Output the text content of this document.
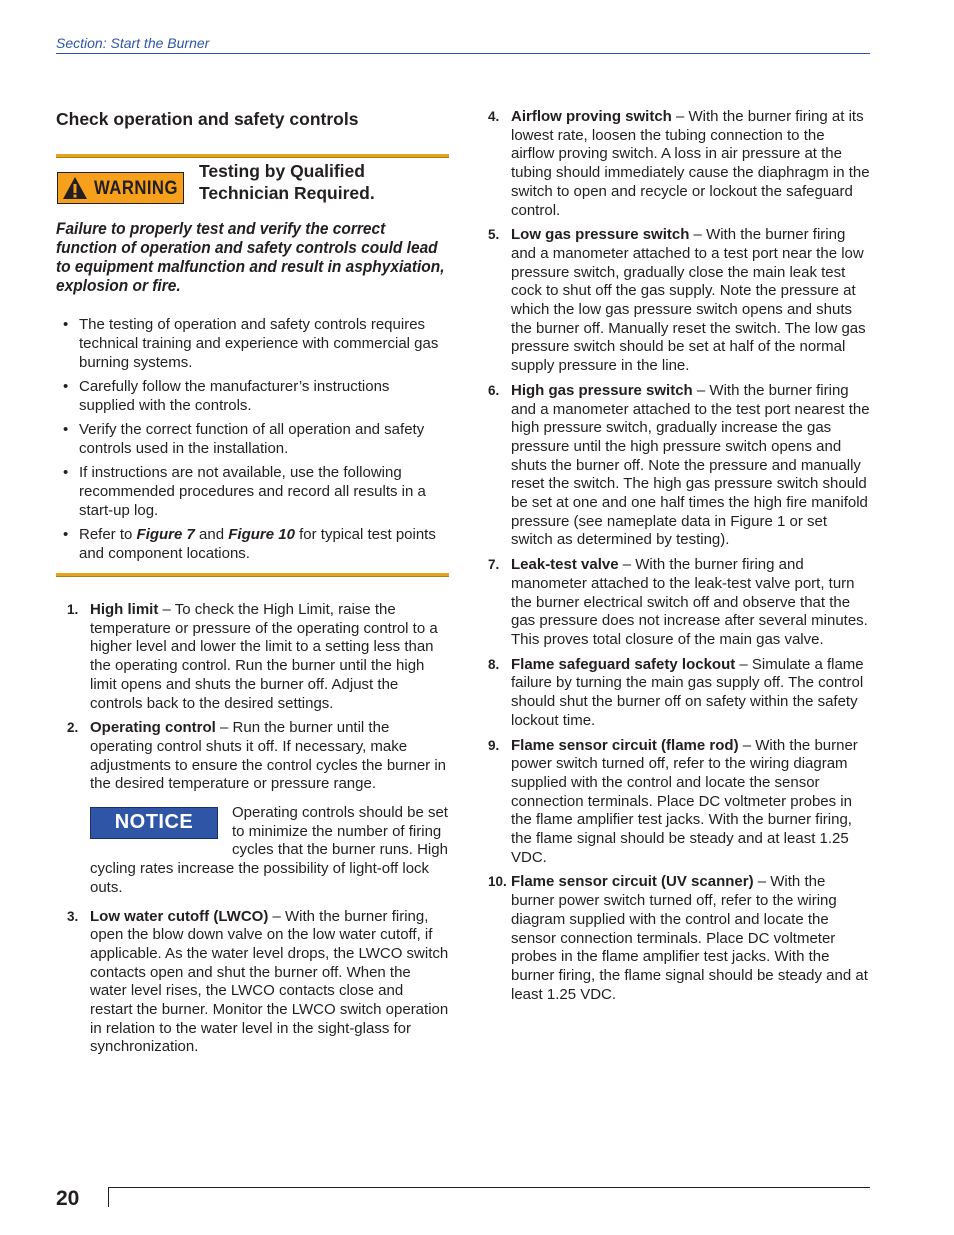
Section: Start the Burner
Check operation and safety controls
WARNING
Testing by Qualified
Technician Required.
Failure to properly test and verify the correct function of operation and safety controls could lead to equipment malfunction and result in asphyxiation, explosion or fire.
• The testing of operation and safety controls requires technical training and experience with commercial gas burning systems.
• Carefully follow the manufacturer’s instructions supplied with the controls.
• Verify the correct function of all operation and safety controls used in the installation.
• If instructions are not available, use the following recommended procedures and record all results in a start-up log.
• Refer to Figure 7 and Figure 10 for typical test points and component locations.
1. High limit – To check the High Limit, raise the temperature or pressure of the operating control to a higher level and lower the limit to a setting less than the operating control. Run the burner until the high limit opens and shuts the burner off. Adjust the controls back to the desired settings.
2. Operating control – Run the burner until the operating control shuts it off. If necessary, make adjustments to ensure the control cycles the burner in the desired temperature or pressure range.
NOTICE	Operating controls should be set to minimize the number of firing cycles that the burner runs. High cycling rates increase the possibility of light-off lock outs.
3. Low water cutoff (LWCO) – With the burner firing, open the blow down valve on the low water cutoff, if applicable. As the water level drops, the LWCO switch contacts open and shut the burner off. When the water level rises, the LWCO contacts close and restart the burner. Monitor the LWCO switch operation in relation to the water level in the sight-glass for synchronization.
4. Airflow proving switch – With the burner firing at its lowest rate, loosen the tubing connection to the airflow proving switch. A loss in air pressure at the tubing should immediately cause the diaphragm in the switch to open and recycle or lockout the safeguard control.
5. Low gas pressure switch – With the burner firing and a manometer attached to a test port near the low pressure switch, gradually close the main leak test cock to shut off the gas supply. Note the pressure at which the low gas pressure switch opens and shuts the burner off. Manually reset the switch. The low gas pressure switch should be set at half of the normal supply pressure in the line.
6. High gas pressure switch – With the burner firing and a manometer attached to the test port nearest the high pressure switch, gradually increase the gas pressure until the high pressure switch opens and shuts the burner off. Note the pressure and manually reset the switch. The high gas pressure switch should be set at one and one half times the high fire manifold pressure (see nameplate data in Figure 1 or set switch as determined by testing).
7. Leak-test valve – With the burner firing and manometer attached to the leak-test valve port, turn the burner electrical switch off and observe that the gas pressure does not increase after several minutes. This proves total closure of the main gas valve.
8. Flame safeguard safety lockout – Simulate a flame failure by turning the main gas supply off. The control should shut the burner off on safety within the safety lockout time.
9. Flame sensor circuit (flame rod) – With the burner power switch turned off, refer to the wiring diagram supplied with the control and locate the sensor connection terminals. Place DC voltmeter probes in the flame amplifier test jacks. With the burner firing, the flame signal should be steady and at least 1.25 VDC.
10. Flame sensor circuit (UV scanner) – With the burner power switch turned off, refer to the wiring diagram supplied with the control and locate the sensor connection terminals. Place DC voltmeter probes in the flame amplifier test jacks. With the burner firing, the flame signal should be steady and at least 1.25 VDC.
20
